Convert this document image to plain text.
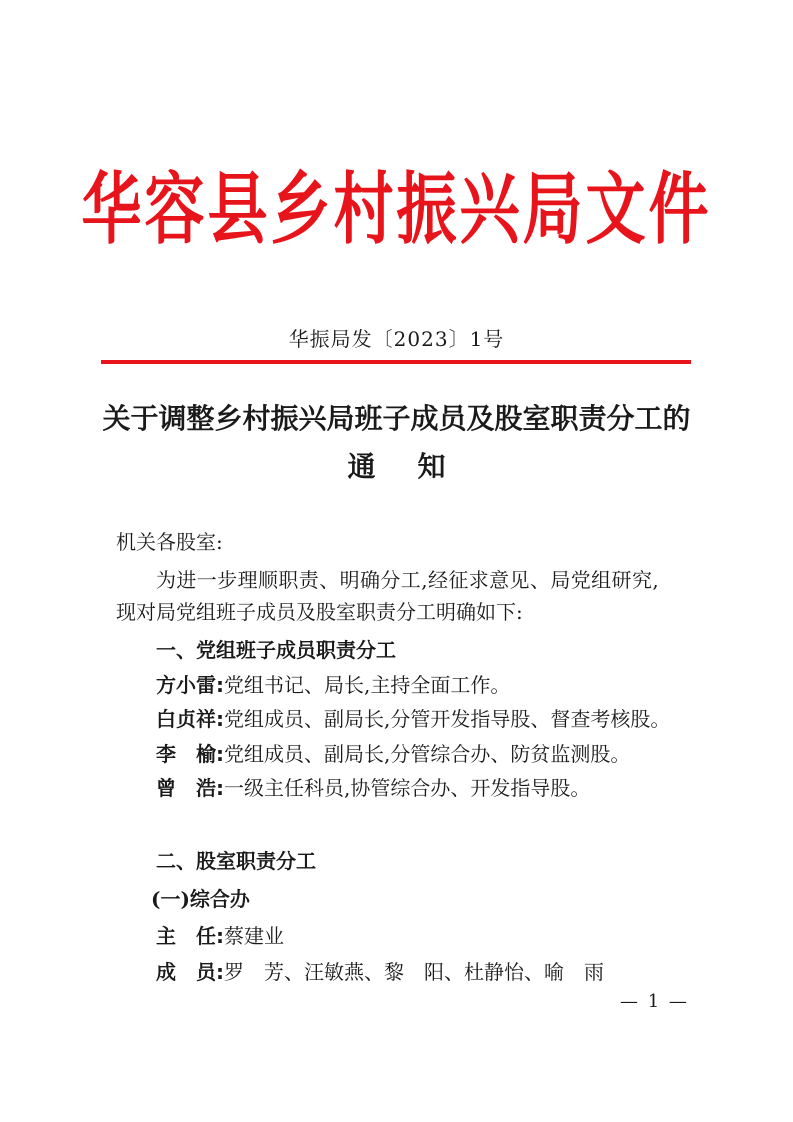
华容县乡村振兴局文件
华振局发〔2023〕1号
关于调整乡村振兴局班子成员及股室职责分工的
通 知
机关各股室:
为进一步理顺职责、明确分工,经征求意见、局党组研究,
现对局党组班子成员及股室职责分工明确如下:
一、党组班子成员职责分工
方小雷:党组书记、局长,主持全面工作。
白贞祥:党组成员、副局长,分管开发指导股、督查考核股。
李　榆:党组成员、副局长,分管综合办、防贫监测股。
曾　浩:一级主任科员,协管综合办、开发指导股。
二、股室职责分工
(一)综合办
主　任:蔡建业
成　员:罗　芳、汪敏燕、黎　阳、杜静怡、喻　雨
— 1 —
